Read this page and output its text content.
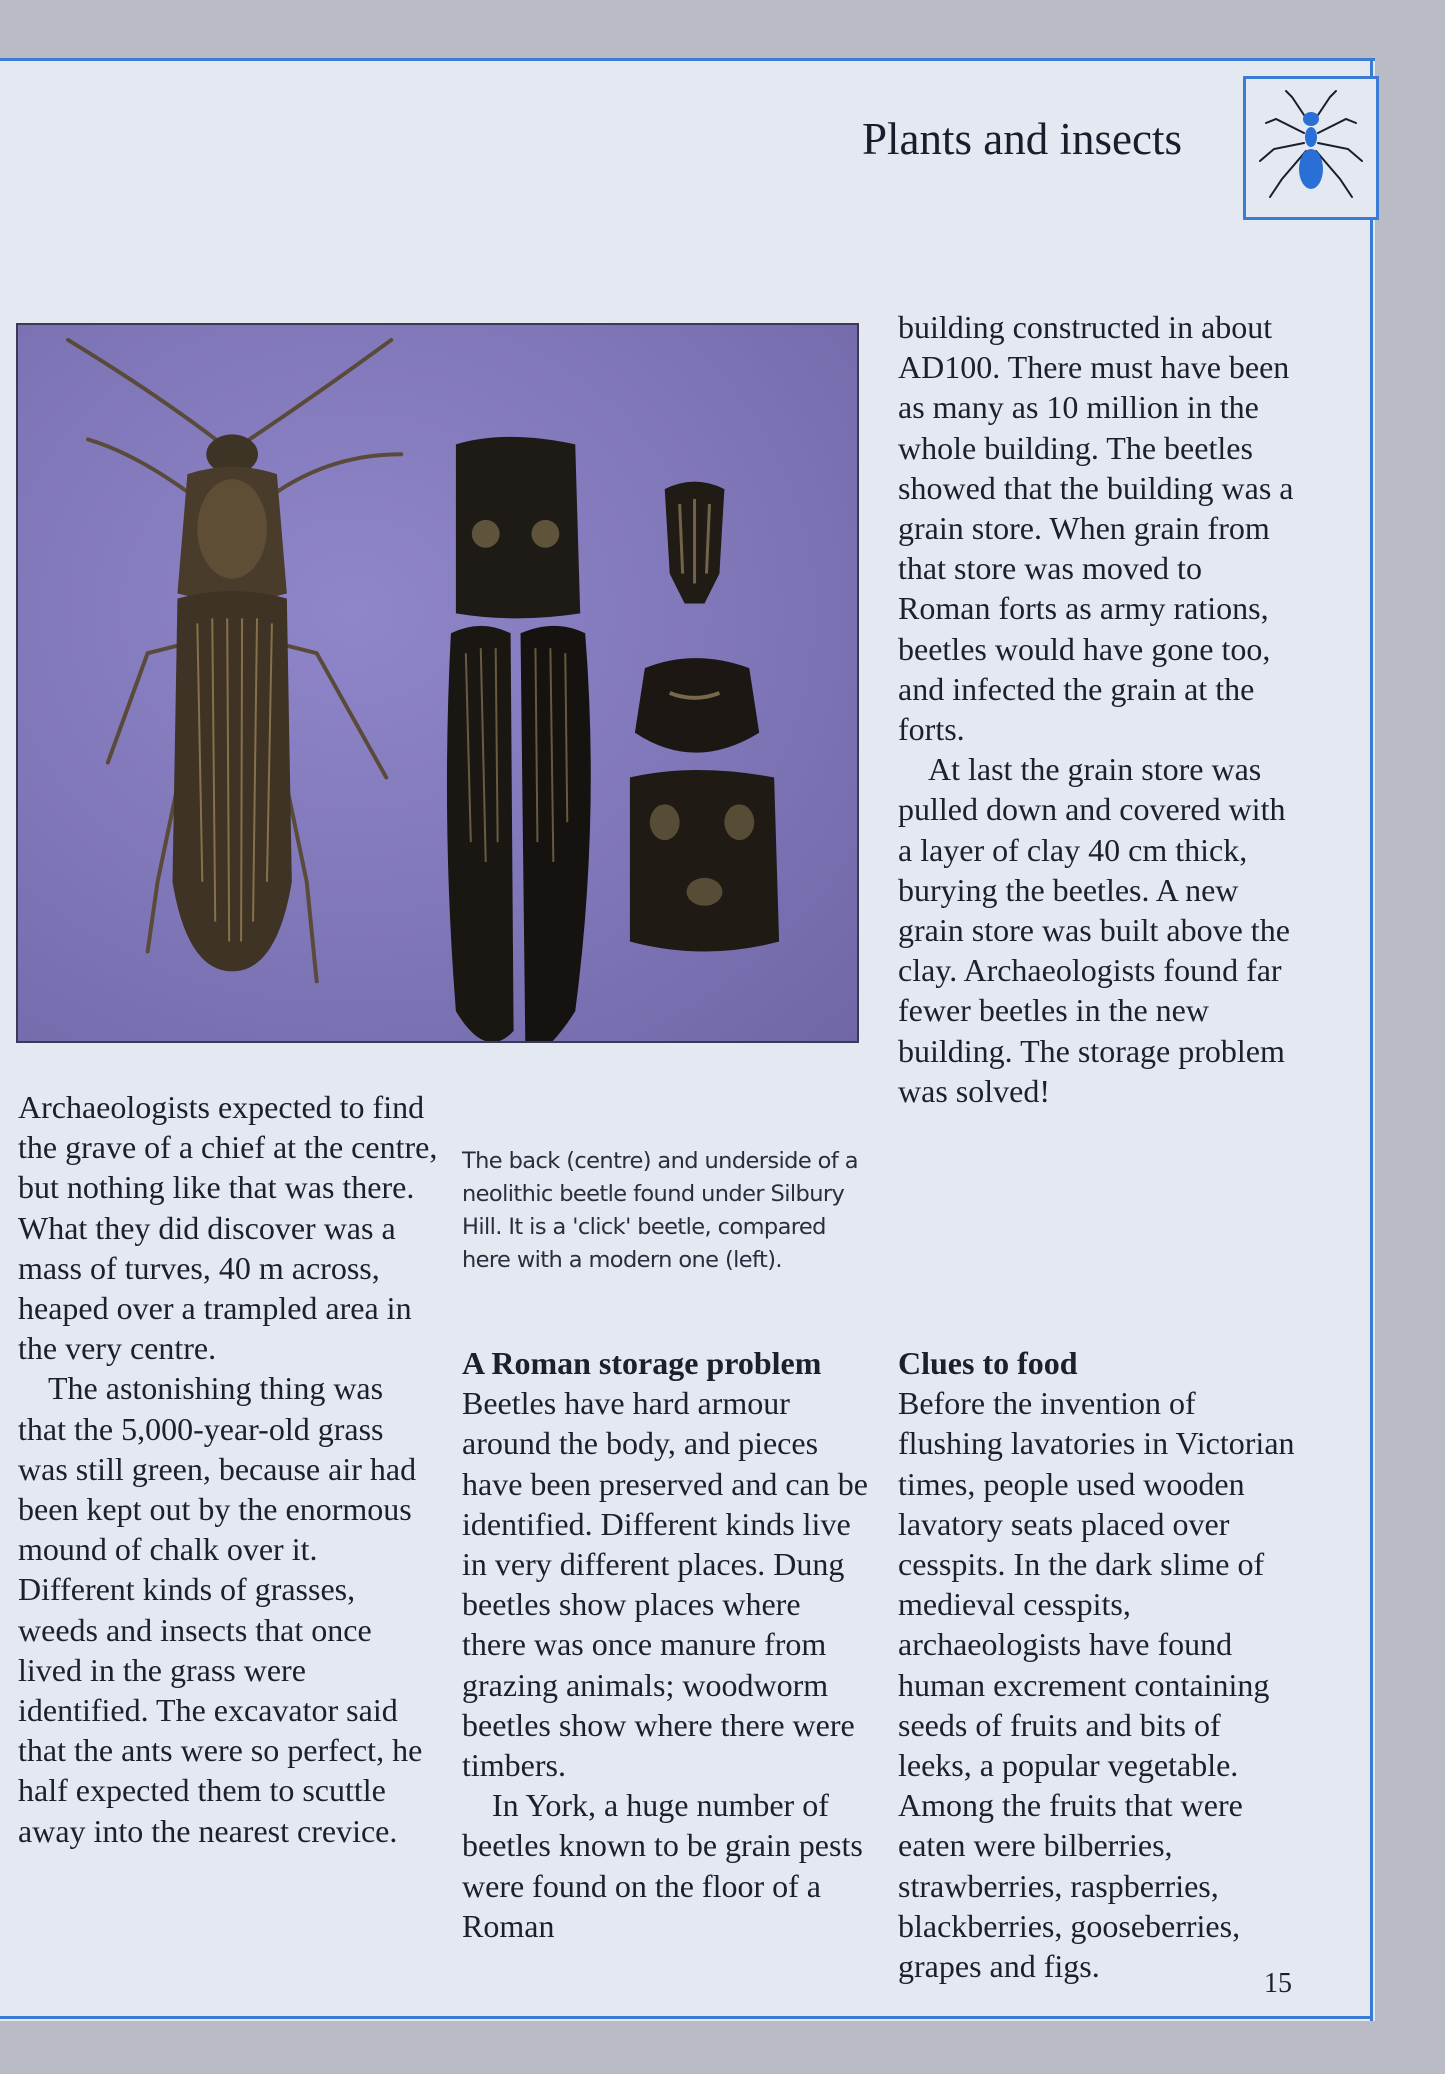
Plants and insects
The back (centre) and underside of a neolithic beetle found under Silbury Hill. It is a 'click' beetle, compared here with a modern one (left).

Archaeologists expected to find the grave of a chief at the centre, but nothing like that was there. What they did discover was a mass of turves, 40 m across, heaped over a trampled area in the very centre.

The astonishing thing was that the 5,000-year-old grass was still green, because air had been kept out by the enormous mound of chalk over it. Different kinds of grasses, weeds and insects that once lived in the grass were identified. The excavator said that the ants were so perfect, he half expected them to scuttle away into the nearest crevice.

A Roman storage problem

Beetles have hard armour around the body, and pieces have been preserved and can be identified. Different kinds live in very different places. Dung beetles show places where there was once manure from grazing animals; woodworm beetles show where there were timbers.

In York, a huge number of beetles known to be grain pests were found on the floor of a Roman

building constructed in about AD100. There must have been as many as 10 million in the whole building. The beetles showed that the building was a grain store. When grain from that store was moved to Roman forts as army rations, beetles would have gone too, and infected the grain at the forts.

At last the grain store was pulled down and covered with a layer of clay 40 cm thick, burying the beetles. A new grain store was built above the clay. Archaeologists found far fewer beetles in the new building. The storage problem was solved!

Clues to food

Before the invention of flushing lavatories in Victorian times, people used wooden lavatory seats placed over cesspits. In the dark slime of medieval cesspits, archaeologists have found human excrement containing seeds of fruits and bits of leeks, a popular vegetable. Among the fruits that were eaten were bilberries, strawberries, raspberries, blackberries, gooseberries, grapes and figs.	15
